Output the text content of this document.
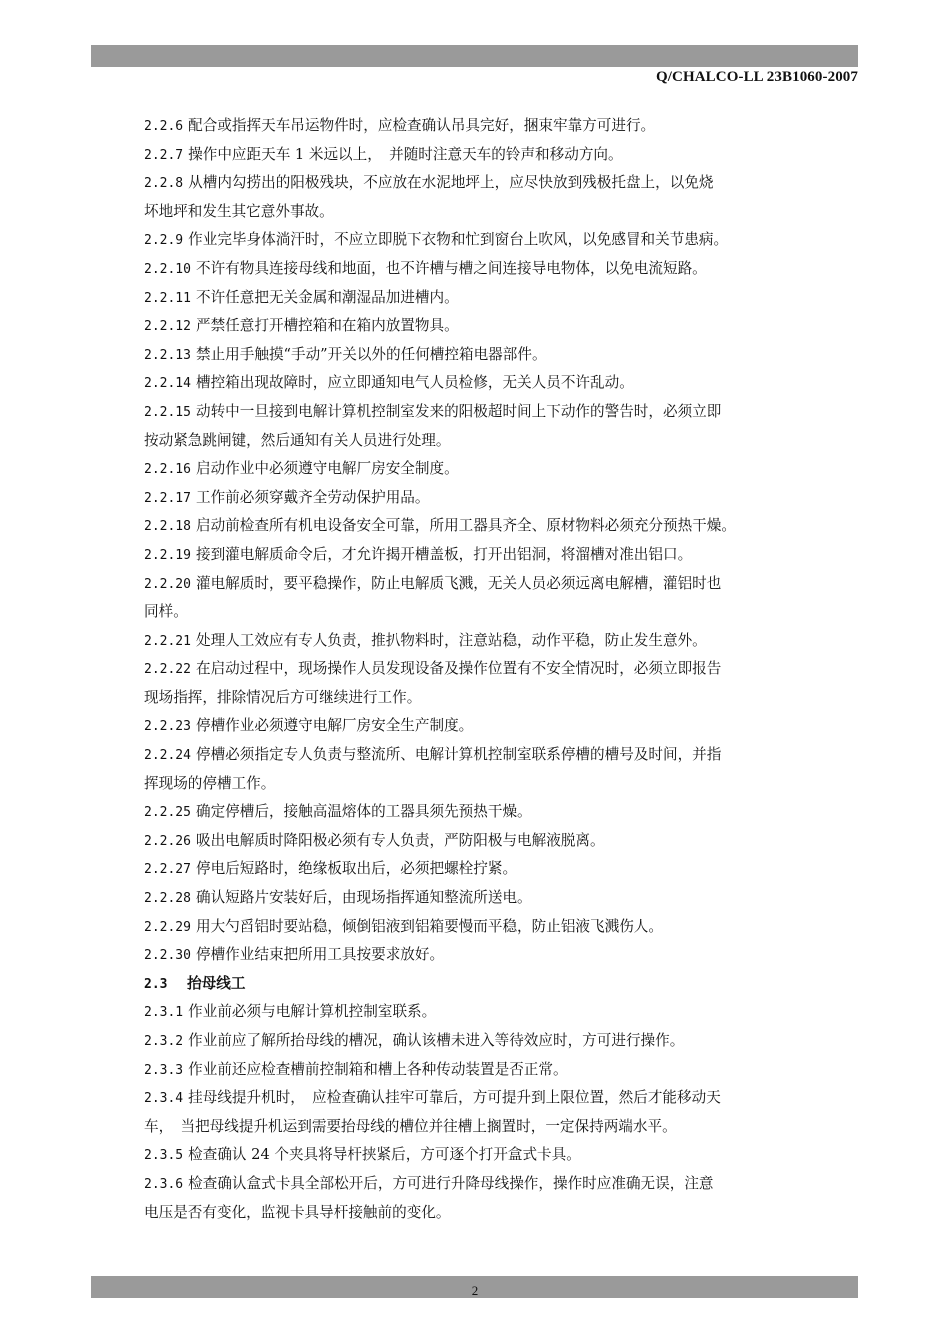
Q/CHALCO-LL 23B1060-2007
2.2.6 配合或指挥天车吊运物件时，应检查确认吊具完好，捆束牢靠方可进行。
2.2.7 操作中应距天车 1 米远以上，　并随时注意天车的铃声和移动方向。
2.2.8 从槽内勾捞出的阳极残块，不应放在水泥地坪上，应尽快放到残极托盘上，以免烧
坏地坪和发生其它意外事故。
2.2.9 作业完毕身体淌汗时，不应立即脱下衣物和忙到窗台上吹风，以免感冒和关节患病。
2.2.10 不许有物具连接母线和地面，也不许槽与槽之间连接导电物体，以免电流短路。
2.2.11 不许任意把无关金属和潮湿品加进槽内。
2.2.12 严禁任意打开槽控箱和在箱内放置物具。
2.2.13 禁止用手触摸“手动”开关以外的任何槽控箱电器部件。
2.2.14 槽控箱出现故障时，应立即通知电气人员检修，无关人员不许乱动。
2.2.15 动转中一旦接到电解计算机控制室发来的阳极超时间上下动作的警告时，必须立即
按动紧急跳闸键，然后通知有关人员进行处理。
2.2.16 启动作业中必须遵守电解厂房安全制度。
2.2.17 工作前必须穿戴齐全劳动保护用品。
2.2.18 启动前检查所有机电设备安全可靠，所用工器具齐全、原材物料必须充分预热干燥。
2.2.19 接到灌电解质命令后，才允许揭开槽盖板，打开出铝洞，将溜槽对准出铝口。
2.2.20 灌电解质时，要平稳操作，防止电解质飞溅，无关人员必须远离电解槽，灌铝时也
同样。
2.2.21 处理人工效应有专人负责，推扒物料时，注意站稳，动作平稳，防止发生意外。
2.2.22 在启动过程中，现场操作人员发现设备及操作位置有不安全情况时，必须立即报告
现场指挥，排除情况后方可继续进行工作。
2.2.23 停槽作业必须遵守电解厂房安全生产制度。
2.2.24 停槽必须指定专人负责与整流所、电解计算机控制室联系停槽的槽号及时间，并指
挥现场的停槽工作。
2.2.25 确定停槽后，接触高温熔体的工器具须先预热干燥。
2.2.26 吸出电解质时降阳极必须有专人负责，严防阳极与电解液脱离。
2.2.27 停电后短路时，绝缘板取出后，必须把螺栓拧紧。
2.2.28 确认短路片安装好后，由现场指挥通知整流所送电。
2.2.29 用大勺舀铝时要站稳，倾倒铝液到铝箱要慢而平稳，防止铝液飞溅伤人。
2.2.30 停槽作业结束把所用工具按要求放好。
2.3　抬母线工
2.3.1 作业前必须与电解计算机控制室联系。
2.3.2 作业前应了解所抬母线的槽况，确认该槽未进入等待效应时，方可进行操作。
2.3.3 作业前还应检查槽前控制箱和槽上各种传动装置是否正常。
2.3.4 挂母线提升机时，　应检查确认挂牢可靠后，方可提升到上限位置，然后才能移动天
车，　当把母线提升机运到需要抬母线的槽位并往槽上搁置时，一定保持两端水平。
2.3.5 检查确认 24 个夹具将导杆挟紧后，方可逐个打开盒式卡具。
2.3.6 检查确认盒式卡具全部松开后，方可进行升降母线操作，操作时应准确无误，注意
电压是否有变化，监视卡具导杆接触前的变化。
2
